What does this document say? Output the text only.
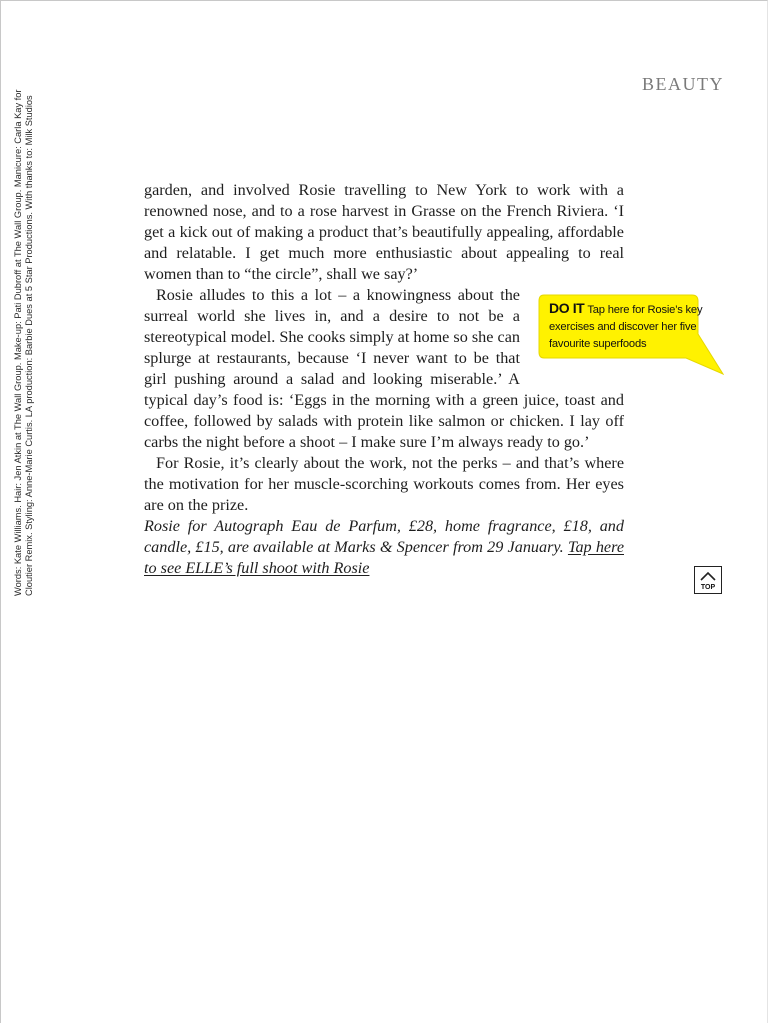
BEAUTY
Words: Kate Williams. Hair: Jen Atkin at The Wall Group. Make-up: Pati Dubroff at The Wall Group. Manicure: Carla Kay for Cloutier Remix. Styling: Anne-Marie Curtis. LA production: Barbie Dues at 5 Star Productions. With thanks to: Milk Studios	garden, and involved Rosie travelling to New York to work with a renowned nose, and to a rose harvest in Grasse on the French Riviera. ‘I get a kick out of making a product that’s beautifully appealing, affordable and relatable. I get much more enthusiastic about appealing to real women than to “the circle”, shall we say?’

Rosie alludes to this a lot – a knowingness about the surreal world she lives in, and a desire to not be a stereotypical model. She cooks simply at home so she can splurge at restaurants, because ‘I never want to be that girl pushing around a salad and looking miserable.’ A typical day’s food is: ‘Eggs in the morning with a green juice, toast and coffee, followed by salads with protein like salmon or chicken. I lay off carbs the night before a shoot – I make sure I’m always ready to go.’

For Rosie, it’s clearly about the work, not the perks – and that’s where the motivation for her muscle-scorching workouts comes from. Her eyes are on the prize.

Rosie for Autograph Eau de Parfum, £28, home fragrance, £18, and candle, £15, are available at Marks & Spencer from 29 January. Tap here to see ELLE’s full shoot with Rosie

DO IT Tap here for Rosie’s key exercises and discover her five favourite superfoods
TOP
